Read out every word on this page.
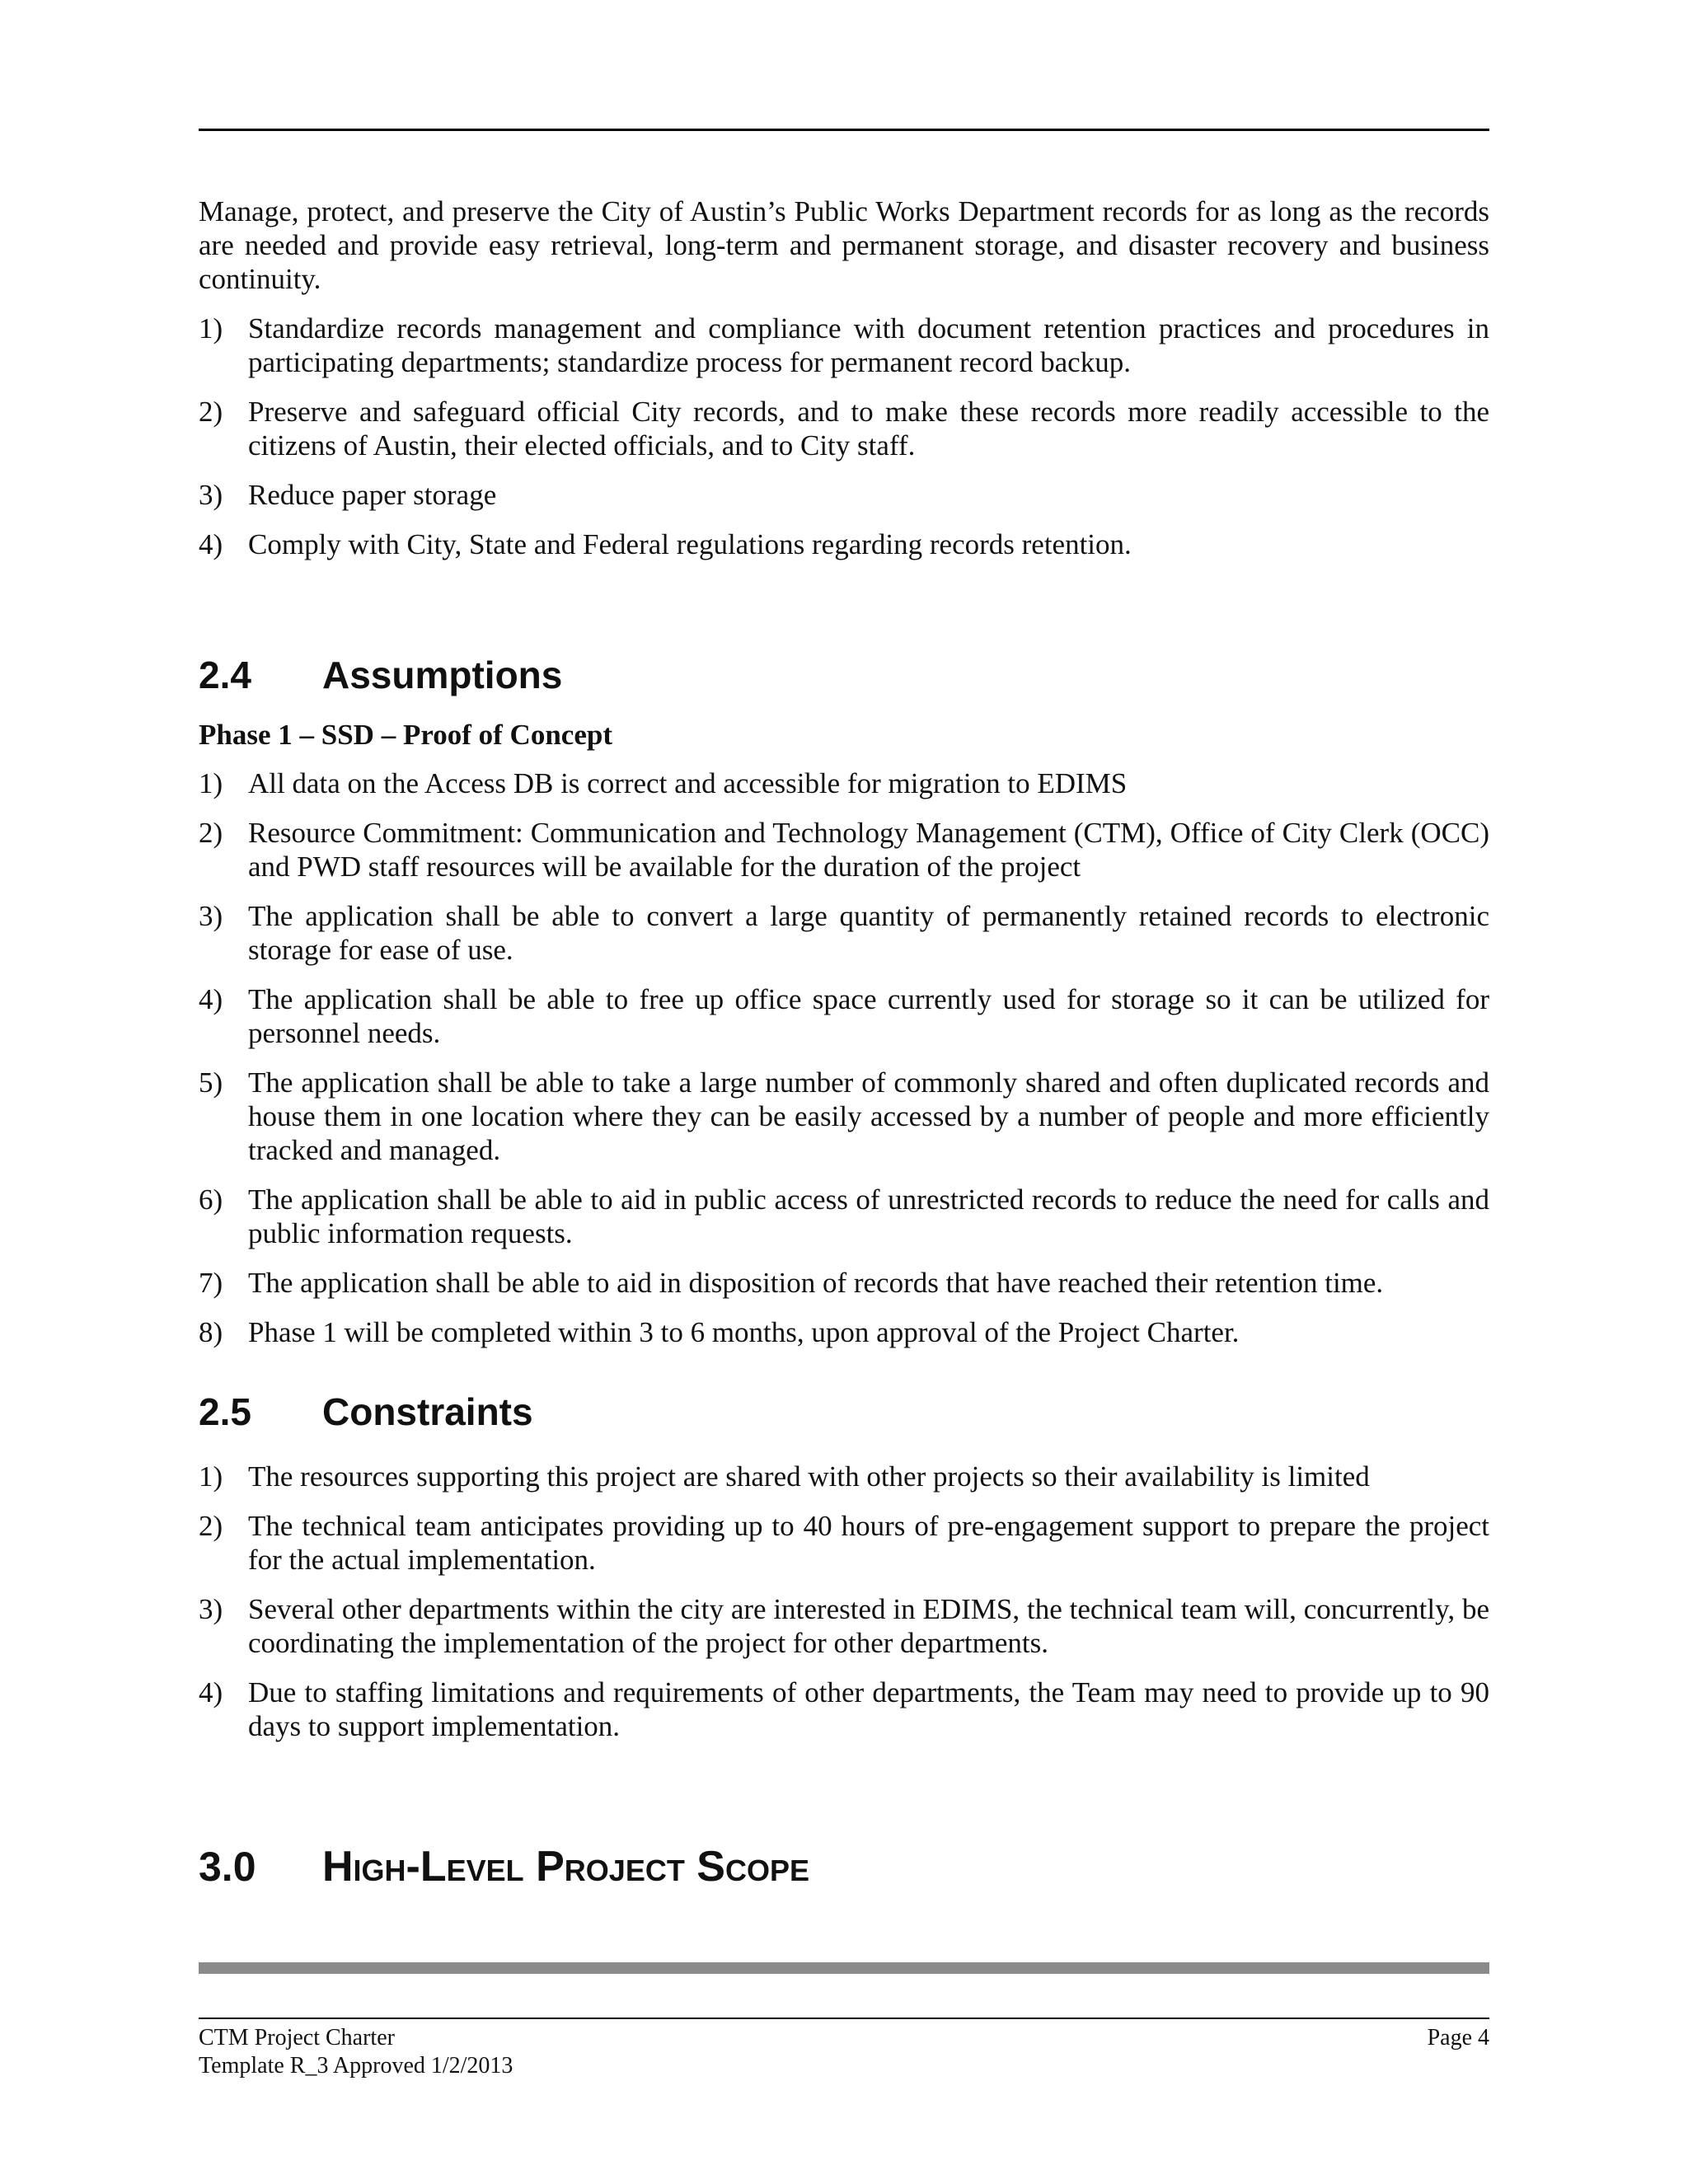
Manage, protect, and preserve the City of Austin’s Public Works Department records for as long as the records are needed and provide easy retrieval, long-term and permanent storage, and disaster recovery and business continuity.

1) Standardize records management and compliance with document retention practices and procedures in participating departments; standardize process for permanent record backup.
2) Preserve and safeguard official City records, and to make these records more readily accessible to the citizens of Austin, their elected officials, and to City staff.
3) Reduce paper storage
4) Comply with City, State and Federal regulations regarding records retention.
2.4 Assumptions

Phase 1 – SSD – Proof of Concept

1) All data on the Access DB is correct and accessible for migration to EDIMS
2) Resource Commitment: Communication and Technology Management (CTM), Office of City Clerk (OCC) and PWD staff resources will be available for the duration of the project
3) The application shall be able to convert a large quantity of permanently retained records to electronic storage for ease of use.
4) The application shall be able to free up office space currently used for storage so it can be utilized for personnel needs.
5) The application shall be able to take a large number of commonly shared and often duplicated records and house them in one location where they can be easily accessed by a number of people and more efficiently tracked and managed.
6) The application shall be able to aid in public access of unrestricted records to reduce the need for calls and public information requests.
7) The application shall be able to aid in disposition of records that have reached their retention time.
8) Phase 1 will be completed within 3 to 6 months, upon approval of the Project Charter.
2.5 Constraints
1) The resources supporting this project are shared with other projects so their availability is limited
2) The technical team anticipates providing up to 40 hours of pre-engagement support to prepare the project for the actual implementation.
3) Several other departments within the city are interested in EDIMS, the technical team will, concurrently, be coordinating the implementation of the project for other departments.
4) Due to staffing limitations and requirements of other departments, the Team may need to provide up to 90 days to support implementation.
3.0 High-Level Project Scope
CTM Project Charter
Template R_3 Approved 1/2/2013
Page 4
